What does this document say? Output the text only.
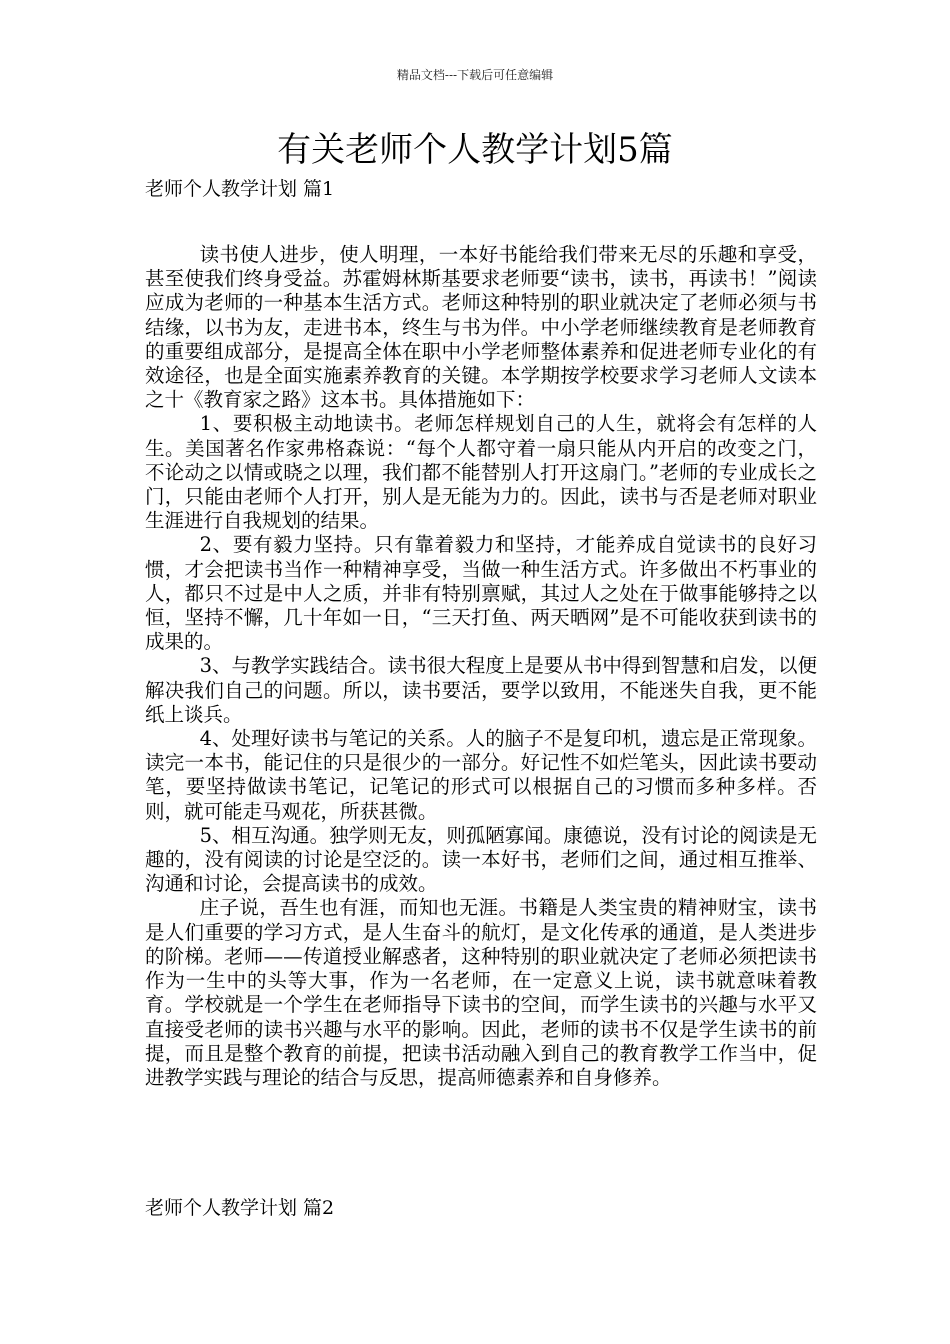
精品文档---下载后可任意编辑
有关老师个人教学计划5篇
老师个人教学计划 篇1

读书使人进步，使人明理，一本好书能给我们带来无尽的乐趣和享受，甚至使我们终身受益。苏霍姆林斯基要求老师要“读书，读书，再读书！”阅读应成为老师的一种基本生活方式。老师这种特别的职业就决定了老师必须与书结缘，以书为友，走进书本，终生与书为伴。中小学老师继续教育是老师教育的重要组成部分，是提高全体在职中小学老师整体素养和促进老师专业化的有效途径，也是全面实施素养教育的关键。本学期按学校要求学习老师人文读本之十《教育家之路》这本书。具体措施如下：

1、要积极主动地读书。老师怎样规划自己的人生，就将会有怎样的人生。美国著名作家弗格森说：“每个人都守着一扇只能从内开启的改变之门，不论动之以情或晓之以理，我们都不能替别人打开这扇门。”老师的专业成长之门，只能由老师个人打开，别人是无能为力的。因此，读书与否是老师对职业生涯进行自我规划的结果。

2、要有毅力坚持。只有靠着毅力和坚持，才能养成自觉读书的良好习惯，才会把读书当作一种精神享受，当做一种生活方式。许多做出不朽事业的人，都只不过是中人之质，并非有特别禀赋，其过人之处在于做事能够持之以恒，坚持不懈，几十年如一日，“三天打鱼、两天晒网”是不可能收获到读书的成果的。

3、与教学实践结合。读书很大程度上是要从书中得到智慧和启发，以便解决我们自己的问题。所以，读书要活，要学以致用，不能迷失自我，更不能纸上谈兵。

4、处理好读书与笔记的关系。人的脑子不是复印机，遗忘是正常现象。读完一本书，能记住的只是很少的一部分。好记性不如烂笔头，因此读书要动笔，要坚持做读书笔记，记笔记的形式可以根据自己的习惯而多种多样。否则，就可能走马观花，所获甚微。

5、相互沟通。独学则无友，则孤陋寡闻。康德说，没有讨论的阅读是无趣的，没有阅读的讨论是空泛的。读一本好书，老师们之间，通过相互推举、沟通和讨论，会提高读书的成效。

庄子说，吾生也有涯，而知也无涯。书籍是人类宝贵的精神财宝，读书是人们重要的学习方式，是人生奋斗的航灯，是文化传承的通道，是人类进步的阶梯。老师——传道授业解惑者，这种特别的职业就决定了老师必须把读书作为一生中的头等大事，作为一名老师，在一定意义上说，读书就意味着教育。学校就是一个学生在老师指导下读书的空间，而学生读书的兴趣与水平又直接受老师的读书兴趣与水平的影响。因此，老师的读书不仅是学生读书的前提，而且是整个教育的前提，把读书活动融入到自己的教育教学工作当中，促进教学实践与理论的结合与反思，提高师德素养和自身修养。

老师个人教学计划 篇2
